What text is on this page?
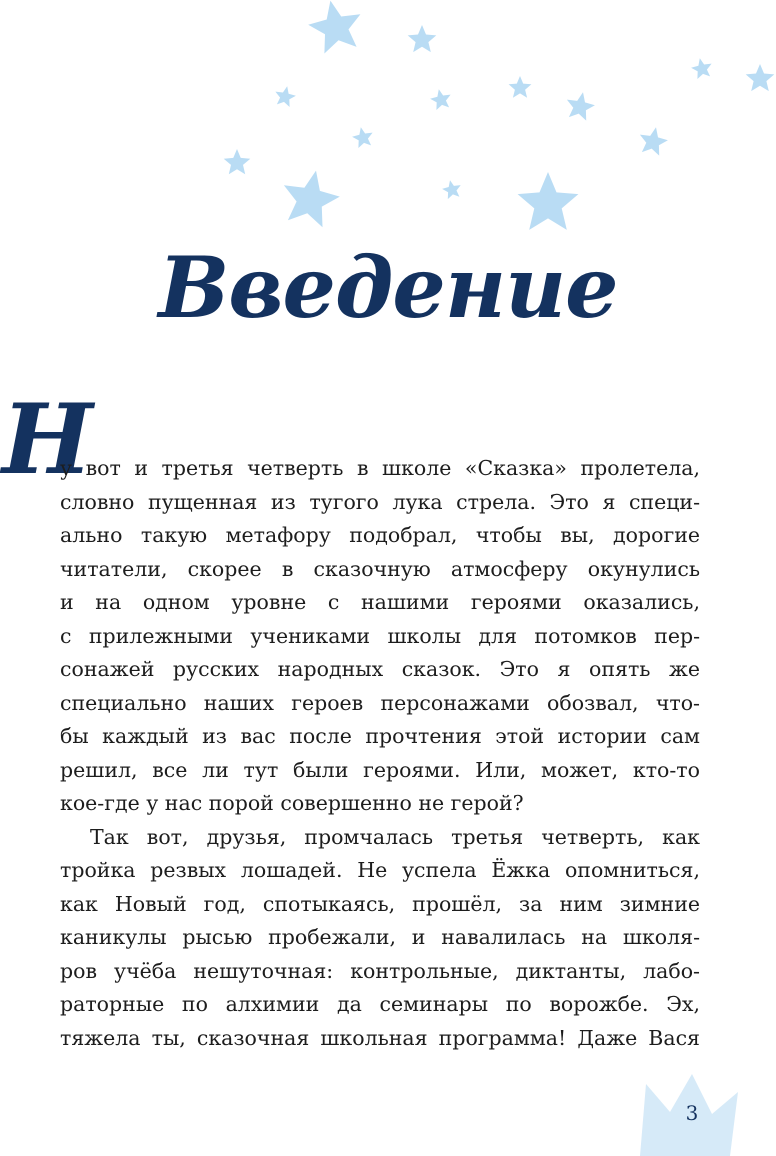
Введение
Н
у вот и третья четверть в школе «Сказка» пролетела,
словно пущенная из тугого лука стрела. Это я специ-
ально такую метафору подобрал, чтобы вы, дорогие
читатели, скорее в сказочную атмосферу окунулись
и на одном уровне с нашими героями оказались,
с прилежными учениками школы для потомков пер-
сонажей русских народных сказок. Это я опять же
специально наших героев персонажами обозвал, что-
бы каждый из вас после прочтения этой истории сам
решил, все ли тут были героями. Или, может, кто-то
кое-где у нас порой совершенно не герой?
Так вот, друзья, промчалась третья четверть, как
тройка резвых лошадей. Не успела Ёжка опомниться,
как Новый год, спотыкаясь, прошёл, за ним зимние
каникулы рысью пробежали, и навалилась на школя-
ров учёба нешуточная: контрольные, диктанты, лабо-
раторные по алхимии да семинары по ворожбе. Эх,
тяжела ты, сказочная школьная программа! Даже Вася
3
